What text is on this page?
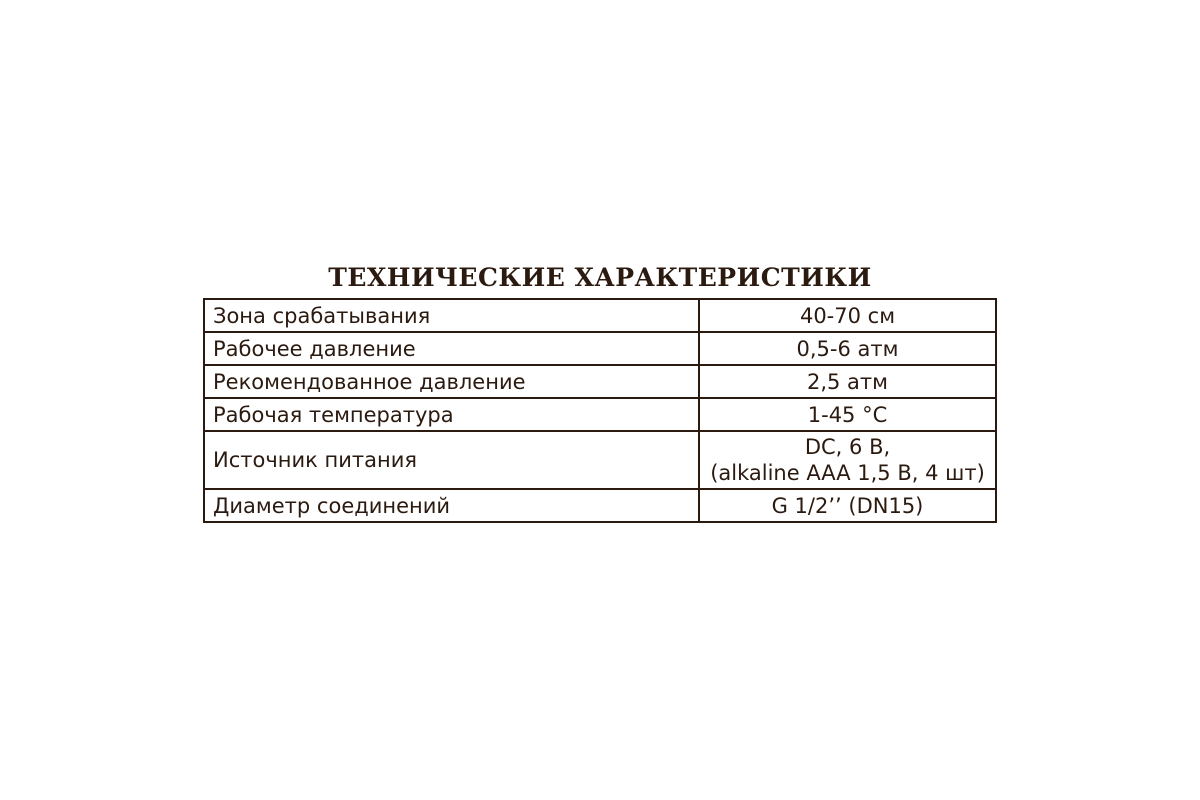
ТЕХНИЧЕСКИЕ ХАРАКТЕРИСТИКИ
Зона срабатывания	40-70 см

Рабочее давление	0,5-6 атм

Рекомендованное давление	2,5 атм

Рабочая температура	1-45 °С

Источник питания	DC, 6 В,
(alkaline AAA 1,5 В, 4 шт)

Диаметр соединений	G 1/2’’ (DN15)
